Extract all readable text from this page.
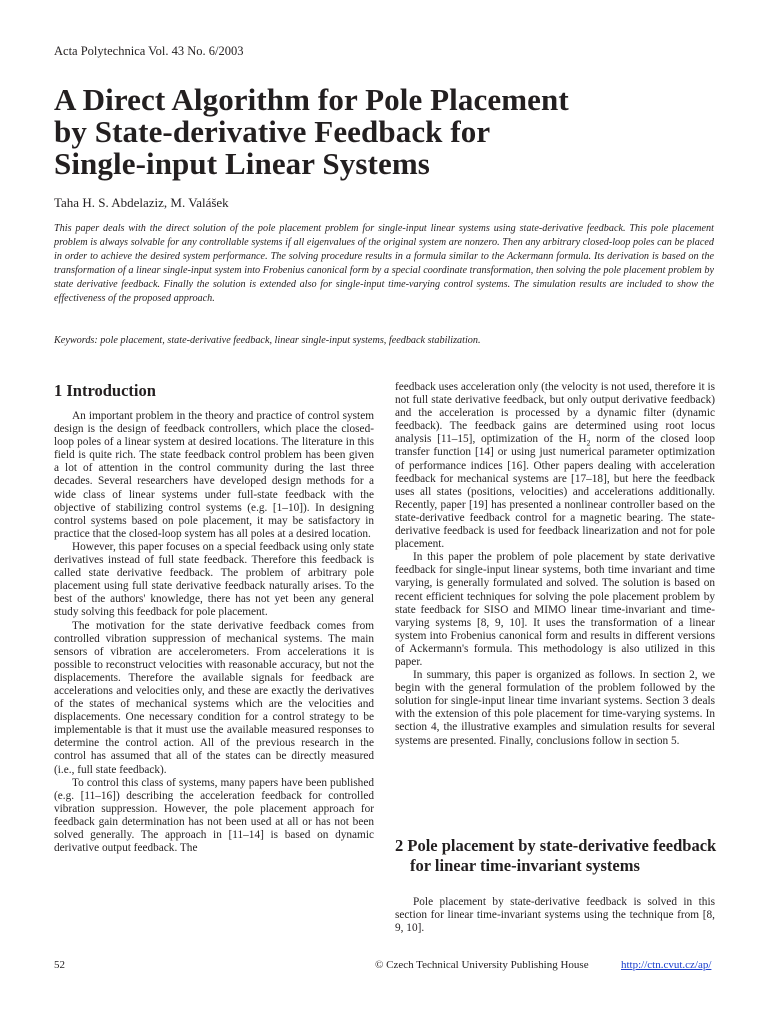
Acta Polytechnica Vol. 43 No. 6/2003
A Direct Algorithm for Pole Placement
by State-derivative Feedback for
Single-input Linear Systems
Taha H. S. Abdelaziz, M. Valášek

This paper deals with the direct solution of the pole placement problem for single-input linear systems using state-derivative feedback. This pole placement problem is always solvable for any controllable systems if all eigenvalues of the original system are nonzero. Then any arbitrary closed-loop poles can be placed in order to achieve the desired system performance. The solving procedure results in a formula similar to the Ackermann formula. Its derivation is based on the transformation of a linear single-input system into Frobenius canonical form by a special coordinate transformation, then solving the pole placement problem by state derivative feedback. Finally the solution is extended also for single-input time-varying control systems. The simulation results are included to show the effectiveness of the proposed approach.

Keywords: pole placement, state-derivative feedback, linear single-input systems, feedback stabilization.

1 Introduction

An important problem in the theory and practice of control system design is the design of feedback controllers, which place the closed-loop poles of a linear system at desired locations. The literature in this field is quite rich. The state feedback control problem has been given a lot of attention in the control community during the last three decades. Several researchers have developed design methods for a wide class of linear systems under full-state feedback with the objective of stabilizing control systems (e.g. [1–10]). In designing control systems based on pole placement, it may be satisfactory in practice that the closed-loop system has all poles at a desired location.

However, this paper focuses on a special feedback using only state derivatives instead of full state feedback. Therefore this feedback is called state derivative feedback. The problem of arbitrary pole placement using full state derivative feedback naturally arises. To the best of the authors' knowledge, there has not yet been any general study solving this feedback for pole placement.

The motivation for the state derivative feedback comes from controlled vibration suppression of mechanical systems. The main sensors of vibration are accelerometers. From accelerations it is possible to reconstruct velocities with reasonable accuracy, but not the displacements. Therefore the available signals for feedback are accelerations and velocities only, and these are exactly the derivatives of the states of mechanical systems which are the velocities and displacements. One necessary condition for a control strategy to be implementable is that it must use the available measured responses to determine the control action. All of the previous research in the control has assumed that all of the states can be directly measured (i.e., full state feedback).

To control this class of systems, many papers have been published (e.g. [11–16]) describing the acceleration feedback for controlled vibration suppression. However, the pole placement approach for feedback gain determination has not been used at all or has not been solved generally. The approach in [11–14] is based on dynamic derivative output feedback. The

feedback uses acceleration only (the velocity is not used, therefore it is not full state derivative feedback, but only output derivative feedback) and the acceleration is processed by a dynamic filter (dynamic feedback). The feedback gains are determined using root locus analysis [11–15], optimization of the $H_2$ norm of the closed loop transfer function [14] or using just numerical parameter optimization of performance indices [16]. Other papers dealing with acceleration feedback for mechanical systems are [17–18], but here the feedback uses all states (positions, velocities) and accelerations additionally. Recently, paper [19] has presented a nonlinear controller based on the state-derivative feedback control for a magnetic bearing. The state-derivative feedback is used for feedback linearization and not for pole placement.

In this paper the problem of pole placement by state derivative feedback for single-input linear systems, both time invariant and time varying, is generally formulated and solved. The solution is based on recent efficient techniques for solving the pole placement problem by state feedback for SISO and MIMO linear time-invariant and time-varying systems [8, 9, 10]. It uses the transformation of a linear system into Frobenius canonical form and results in different versions of Ackermann's formula. This methodology is also utilized in this paper.

In summary, this paper is organized as follows. In section 2, we begin with the general formulation of the problem followed by the solution for single-input linear time invariant systems. Section 3 deals with the extension of this pole placement for time-varying systems. In section 4, the illustrative examples and simulation results for several systems are presented. Finally, conclusions follow in section 5.

2 Pole placement by state-derivative feedback for linear time-invariant systems

Pole placement by state-derivative feedback is solved in this section for linear time-invariant systems using the technique from [8, 9, 10].

52	© Czech Technical University Publishing House	http://ctn.cvut.cz/ap/
